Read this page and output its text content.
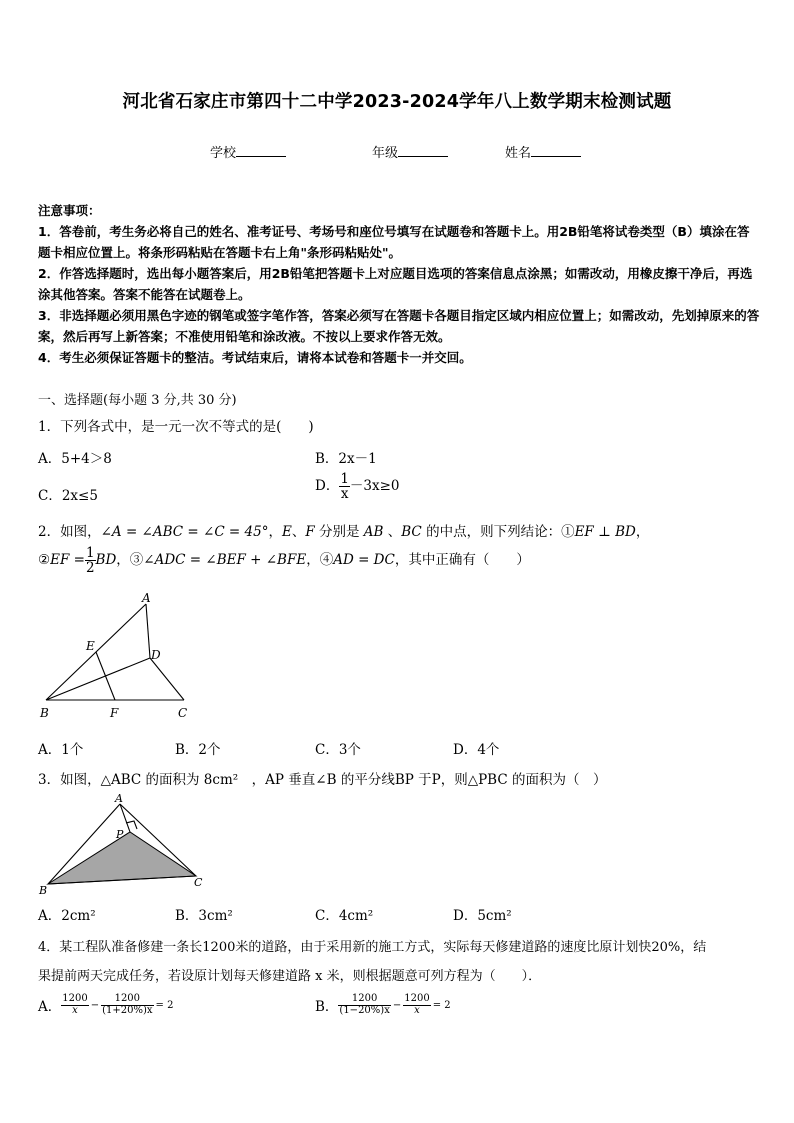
河北省石家庄市第四十二中学2023-2024学年八上数学期末检测试题
学校	年级	姓名
注意事项：
1．答卷前，考生务必将自己的姓名、准考证号、考场号和座位号填写在试题卷和答题卡上。用2B铅笔将试卷类型（B）填涂在答题卡相应位置上。将条形码粘贴在答题卡右上角"条形码粘贴处"。
2．作答选择题时，选出每小题答案后，用2B铅笔把答题卡上对应题目选项的答案信息点涂黑；如需改动，用橡皮擦干净后，再选涂其他答案。答案不能答在试题卷上。
3．非选择题必须用黑色字迹的钢笔或签字笔作答，答案必须写在答题卡各题目指定区域内相应位置上；如需改动，先划掉原来的答案，然后再写上新答案；不准使用铅笔和涂改液。不按以上要求作答无效。
4．考生必须保证答题卡的整洁。考试结束后，请将本试卷和答题卡一并交回。
一、选择题(每小题 3 分,共 30 分)
1．下列各式中，是一元一次不等式的是(　　)
A．5+4＞8	B．2x－1
C．2x≤5
D． $\frac{1}{x} -3x\ge 0$
2．如图，∠A = ∠ABC = ∠C = 45°，E、F 分别是 AB 、BC 的中点，则下列结论：①EF ⊥ BD，
②EF = $\frac{1}{2}$ BD，③∠ADC = ∠BEF + ∠BFE，④AD = DC，其中正确有（　　）
A
D
E
B	F	C
A．1个	B．2个	C．3个	D．4个
3．如图，△ABC 的面积为 8cm²　，AP 垂直∠B 的平分线BP 于P，则△PBC 的面积为（　）
A
P
B
C
A．2cm²	B．3cm²	C．4cm²	D．5cm²
4．某工程队准备修建一条长1200米的道路，由于采用新的施工方式，实际每天修建道路的速度比原计划快20%，结
果提前两天完成任务，若设原计划每天修建道路 x 米，则根据题意可列方程为（　　）．
A． $\frac{1200}{x} - \frac{1200}{(1+20\%)x} = 2$	B． $\frac{1200}{(1-20\%)x} - \frac{1200}{x} = 2$
